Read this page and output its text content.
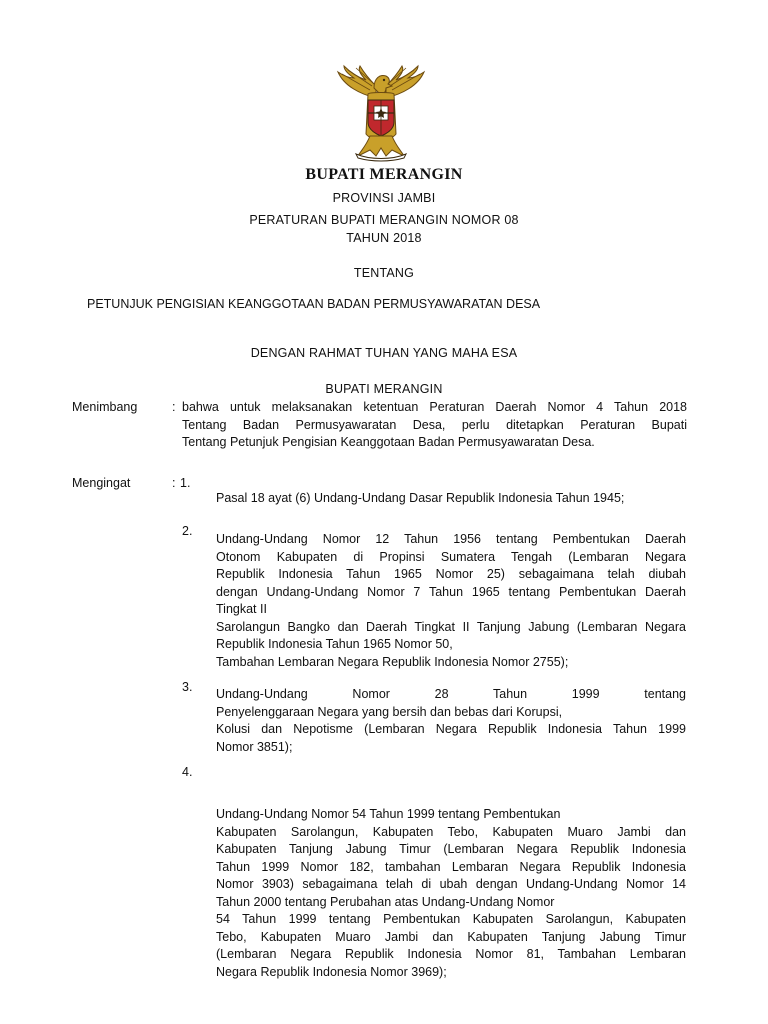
BUPATI MERANGIN
PROVINSI JAMBI
PERATURAN BUPATI MERANGIN NOMOR 08
TAHUN 2018
TENTANG
PETUNJUK PENGISIAN KEANGGOTAAN BADAN PERMUSYAWARATAN DESA
DENGAN RAHMAT TUHAN YANG MAHA ESA
BUPATI MERANGIN
Menimbang	: bahwa untuk melaksanakan ketentuan Peraturan Daerah Nomor 4 Tahun 2018
Tentang Badan Permusyawaratan Desa, perlu ditetapkan Peraturan Bupati
Tentang Petunjuk Pengisian Keanggotaan Badan Permusyawaratan Desa.
Mengingat	: 1.
Pasal 18 ayat (6) Undang-Undang Dasar Republik Indonesia Tahun 1945;
2.
Undang-Undang Nomor 12 Tahun 1956 tentang Pembentukan Daerah
Otonom Kabupaten di Propinsi Sumatera Tengah (Lembaran Negara
Republik Indonesia Tahun 1965 Nomor 25) sebagaimana telah diubah
dengan Undang-Undang Nomor 7 Tahun 1965 tentang Pembentukan Daerah
Tingkat II
Sarolangun Bangko dan Daerah Tingkat II Tanjung Jabung (Lembaran Negara
Republik Indonesia Tahun 1965 Nomor 50,
Tambahan Lembaran Negara Republik Indonesia Nomor 2755);
3. Undang-Undang Nomor 28 Tahun 1999 tentang
Penyelenggaraan Negara yang bersih dan bebas dari Korupsi,
Kolusi dan Nepotisme (Lembaran Negara Republik Indonesia Tahun 1999
Nomor 3851);
4.
Undang-Undang Nomor 54 Tahun 1999 tentang Pembentukan
Kabupaten Sarolangun, Kabupaten Tebo, Kabupaten Muaro Jambi dan
Kabupaten Tanjung Jabung Timur (Lembaran Negara Republik Indonesia
Tahun 1999 Nomor 182, tambahan Lembaran Negara Republik Indonesia
Nomor 3903) sebagaimana telah di ubah dengan Undang-Undang Nomor 14
Tahun 2000 tentang Perubahan atas Undang-Undang Nomor
54 Tahun 1999 tentang Pembentukan Kabupaten Sarolangun, Kabupaten
Tebo, Kabupaten Muaro Jambi dan Kabupaten Tanjung Jabung Timur
(Lembaran Negara Republik Indonesia Nomor 81, Tambahan Lembaran
Negara Republik Indonesia Nomor 3969);
